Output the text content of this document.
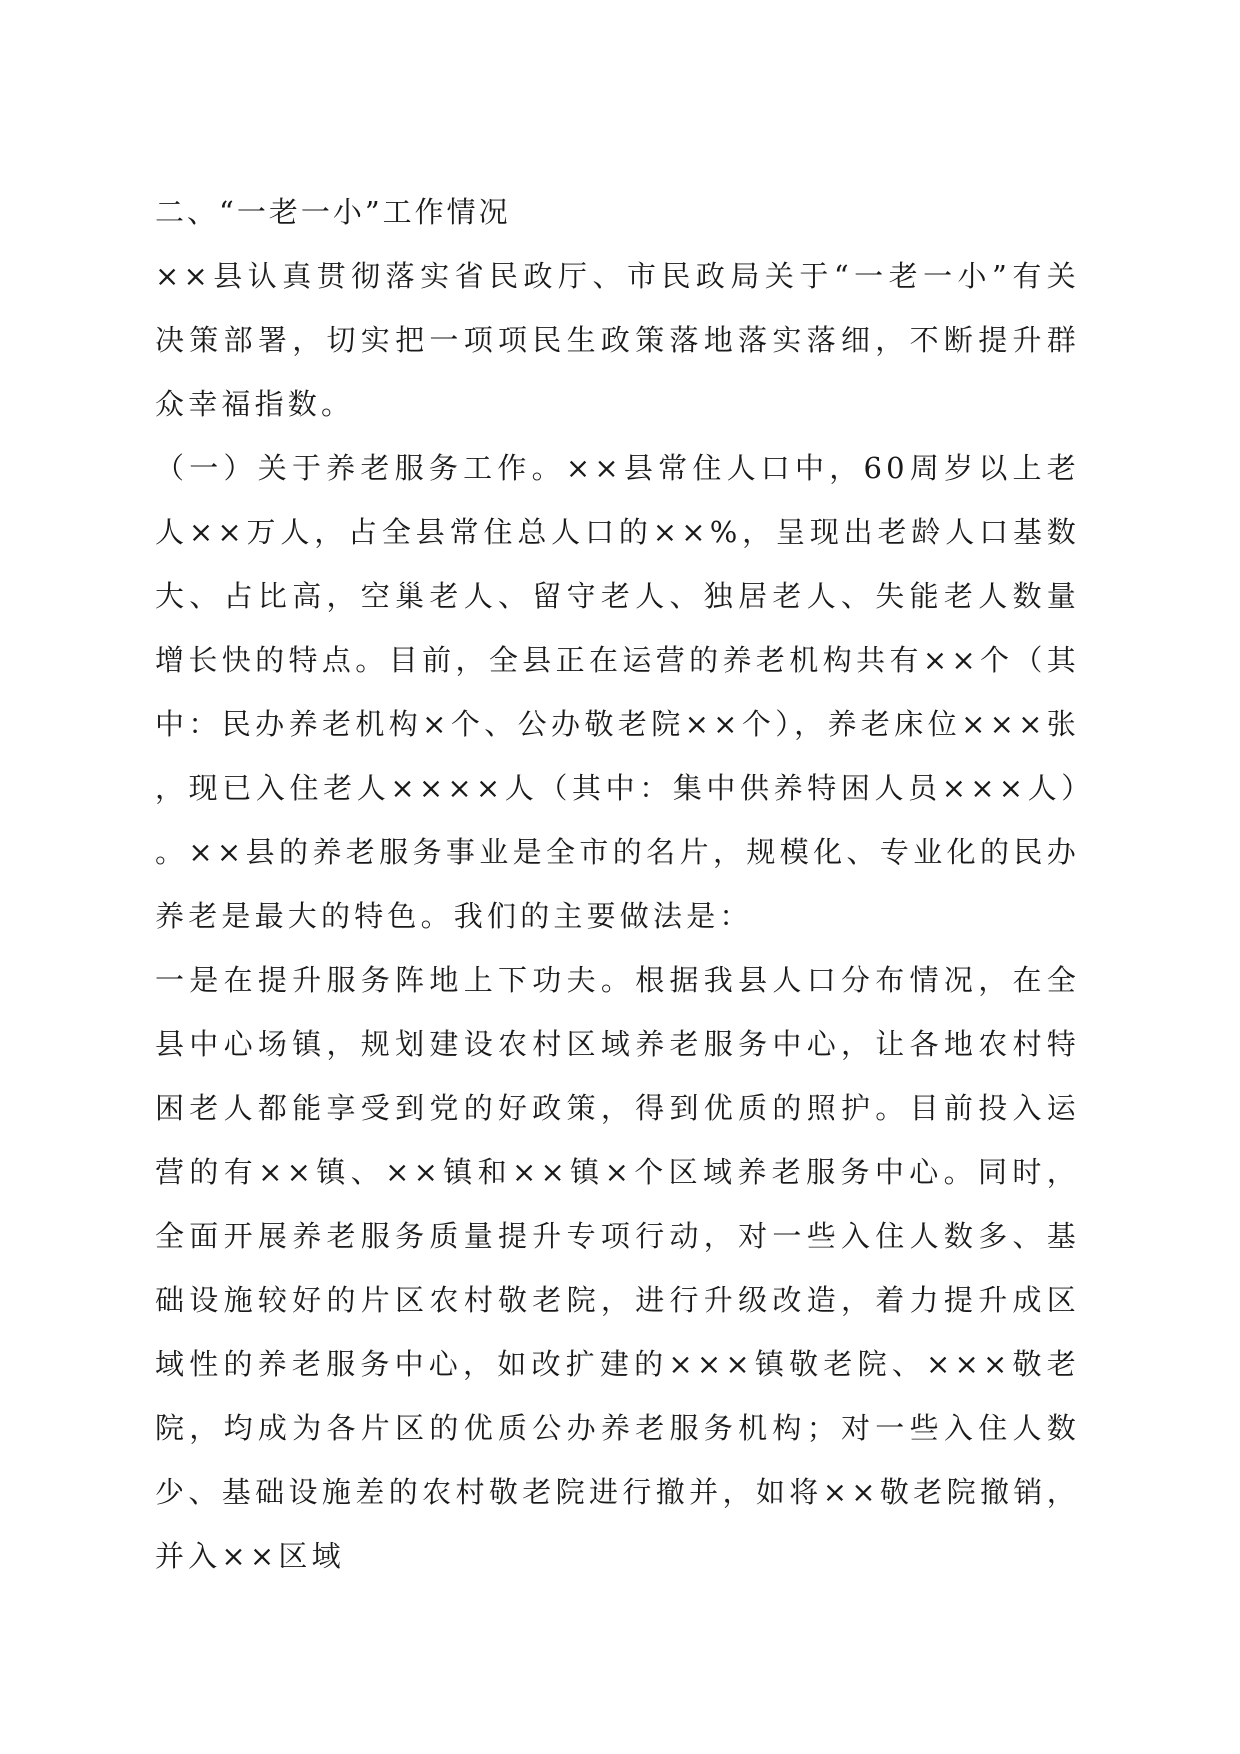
二、“一老一小”工作情况

××县认真贯彻落实省民政厅、市民政局关于“一老一小”有关决策部署，切实把一项项民生政策落地落实落细，不断提升群众幸福指数。

（一）关于养老服务工作。××县常住人口中，60周岁以上老人××万人，占全县常住总人口的××%，呈现出老龄人口基数大、占比高，空巢老人、留守老人、独居老人、失能老人数量增长快的特点。目前，全县正在运营的养老机构共有××个（其中：民办养老机构×个、公办敬老院××个），养老床位×××张，现已入住老人××××人（其中：集中供养特困人员×××人）。××县的养老服务事业是全市的名片，规模化、专业化的民办养老是最大的特色。我们的主要做法是：

一是在提升服务阵地上下功夫。根据我县人口分布情况，在全县中心场镇，规划建设农村区域养老服务中心，让各地农村特困老人都能享受到党的好政策，得到优质的照护。目前投入运营的有××镇、××镇和××镇×个区域养老服务中心。同时，全面开展养老服务质量提升专项行动，对一些入住人数多、基础设施较好的片区农村敬老院，进行升级改造，着力提升成区域性的养老服务中心，如改扩建的×××镇敬老院、×××敬老院，均成为各片区的优质公办养老服务机构；对一些入住人数少、基础设施差的农村敬老院进行撤并，如将××敬老院撤销，并入××区域
